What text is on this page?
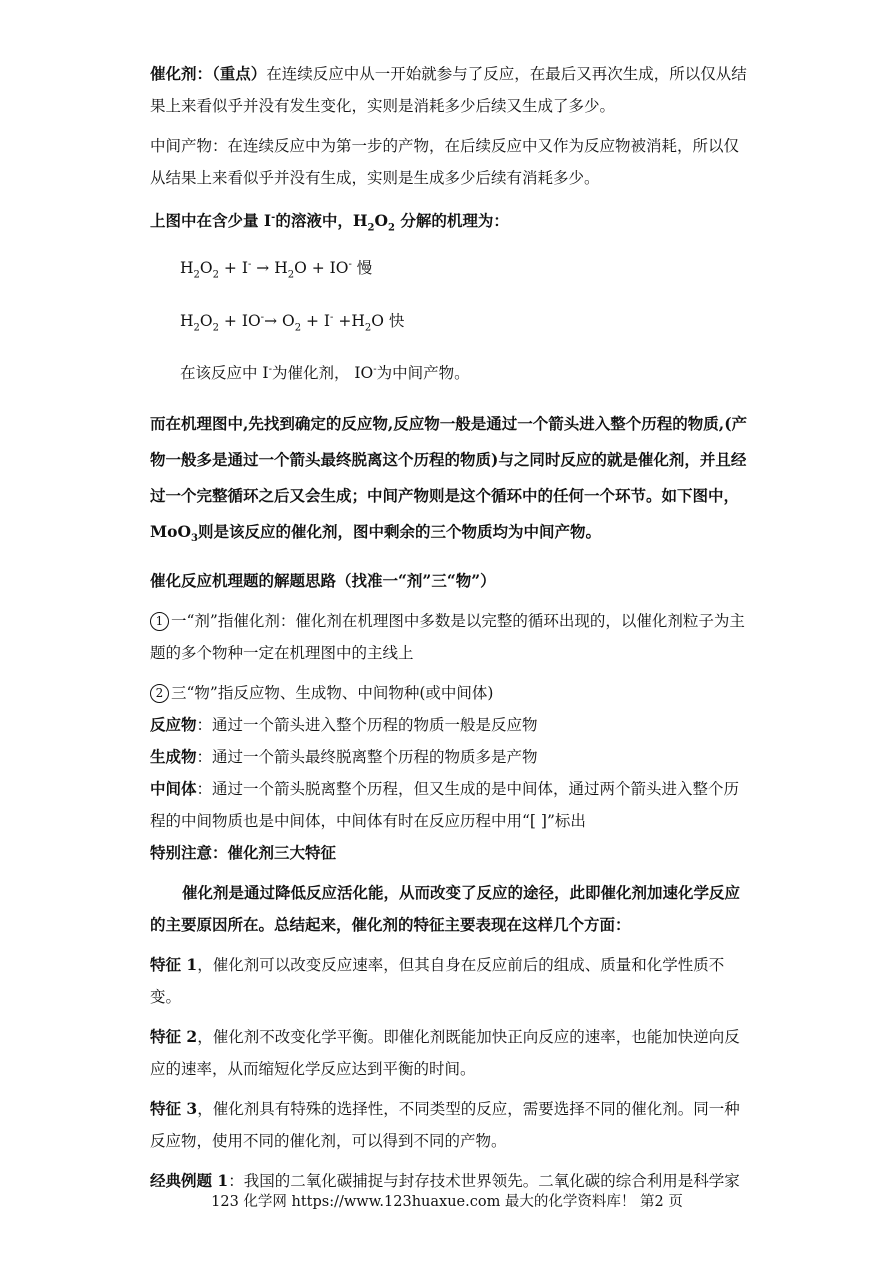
催化剂：（重点）在连续反应中从一开始就参与了反应，在最后又再次生成，所以仅从结果上来看似乎并没有发生变化，实则是消耗多少后续又生成了多少。

中间产物：在连续反应中为第一步的产物，在后续反应中又作为反应物被消耗，所以仅从结果上来看似乎并没有生成，实则是生成多少后续有消耗多少。

上图中在含少量 I-的溶液中，$H_2O_2$ 分解的机理为：

$H_2O_2 + I^- \to H_2O + IO^-$ 慢

$H_2O_2 + IO^-\to O_2 + I^- +H_2O$ 快

在该反应中 I-为催化剂， IO-为中间产物。

而在机理图中,先找到确定的反应物,反应物一般是通过一个箭头进入整个历程的物质,(产物一般多是通过一个箭头最终脱离这个历程的物质)与之同时反应的就是催化剂，并且经过一个完整循环之后又会生成；中间产物则是这个循环中的任何一个环节。如下图中，MoO$_3$则是该反应的催化剂，图中剩余的三个物质均为中间产物。

催化反应机理题的解题思路（找准一“剂”三“物”）

1 一“剂”指催化剂：催化剂在机理图中多数是以完整的循环出现的，以催化剂粒子为主题的多个物种一定在机理图中的主线上

2 三“物”指反应物、生成物、中间物种(或中间体)

反应物：通过一个箭头进入整个历程的物质一般是反应物

生成物：通过一个箭头最终脱离整个历程的物质多是产物

中间体：通过一个箭头脱离整个历程，但又生成的是中间体，通过两个箭头进入整个历程的中间物质也是中间体，中间体有时在反应历程中用“[ ]”标出

特别注意：催化剂三大特征

催化剂是通过降低反应活化能，从而改变了反应的途径，此即催化剂加速化学反应的主要原因所在。总结起来，催化剂的特征主要表现在这样几个方面：

特征 1，催化剂可以改变反应速率，但其自身在反应前后的组成、质量和化学性质不变。

特征 2，催化剂不改变化学平衡。即催化剂既能加快正向反应的速率，也能加快逆向反应的速率，从而缩短化学反应达到平衡的时间。

特征 3，催化剂具有特殊的选择性，不同类型的反应，需要选择不同的催化剂。同一种反应物，使用不同的催化剂，可以得到不同的产物。

经典例题 1：我国的二氧化碳捕捉与封存技术世界领先。二氧化碳的综合利用是科学家

123 化学网 https://www.123huaxue.com 最大的化学资料库！ 第2 页
